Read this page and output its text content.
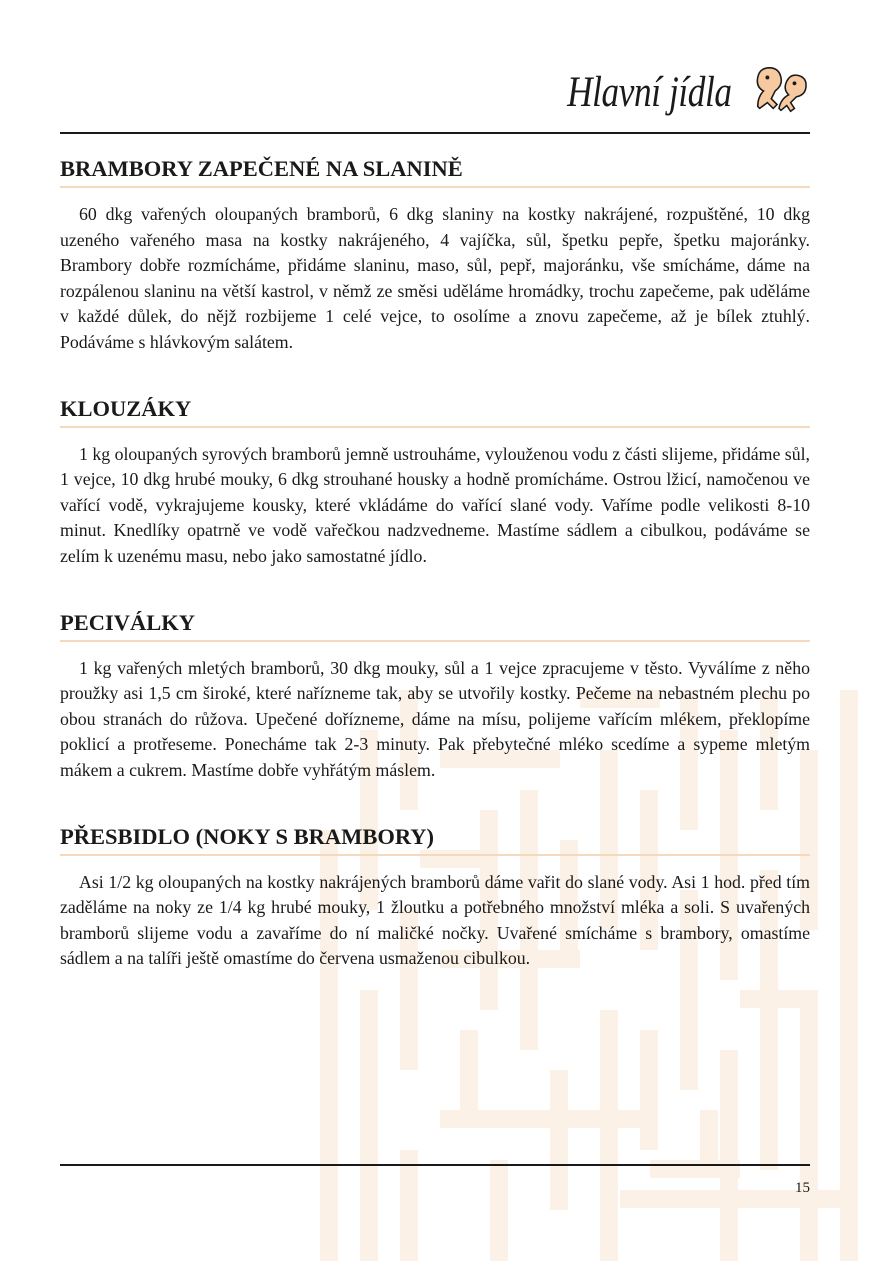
Hlavní jídla
BRAMBORY ZAPEČENÉ NA SLANINĚ

60 dkg vařených oloupaných bramborů, 6 dkg slaniny na kostky nakrájené, rozpuštěné, 10 dkg uzeného vařeného masa na kostky nakrájeného, 4 vajíčka, sůl, špetku pepře, špetku majoránky. Brambory dobře rozmícháme, přidáme slaninu, maso, sůl, pepř, majoránku, vše smícháme, dáme na rozpálenou slaninu na větší kastrol, v němž ze směsi uděláme hromádky, trochu zapečeme, pak uděláme v každé důlek, do nějž rozbijeme 1 celé vejce, to osolíme a znovu zapečeme, až je bílek ztuhlý. Podáváme s hlávkovým salátem.

KLOUZÁKY

1 kg oloupaných syrových bramborů jemně ustrouháme, vylouženou vodu z části slijeme, přidáme sůl, 1 vejce, 10 dkg hrubé mouky, 6 dkg strouhané housky a hodně promícháme. Ostrou lžicí, namočenou ve vařící vodě, vykrajujeme kousky, které vkládáme do vařící slané vody. Vaříme podle velikosti 8-10 minut. Knedlíky opatrně ve vodě vařečkou nadzvedneme. Mastíme sádlem a cibulkou, podáváme se zelím k uzenému masu, nebo jako samostatné jídlo.

PECIVÁLKY

1 kg vařených mletých bramborů, 30 dkg mouky, sůl a 1 vejce zpracujeme v těsto. Vyválíme z něho proužky asi 1,5 cm široké, které nařízneme tak, aby se utvořily kostky. Pečeme na nebastném plechu po obou stranách do růžova. Upečené dořízneme, dáme na mísu, polijeme vařícím mlékem, překlopíme poklicí a protřeseme. Ponecháme tak 2-3 minuty. Pak přebytečné mléko scedíme a sypeme mletým mákem a cukrem. Mastíme dobře vyhřátým máslem.

PŘESBIDLO (NOKY S BRAMBORY)

Asi 1/2 kg oloupaných na kostky nakrájených bramborů dáme vařit do slané vody. Asi 1 hod. před tím zaděláme na noky ze 1/4 kg hrubé mouky, 1 žloutku a potřebného množství mléka a soli. S uvařených bramborů slijeme vodu a zavaříme do ní maličké nočky. Uvařené smícháme s brambory, omastíme sádlem a na talíři ještě omastíme do červena usmaženou cibulkou.

15
